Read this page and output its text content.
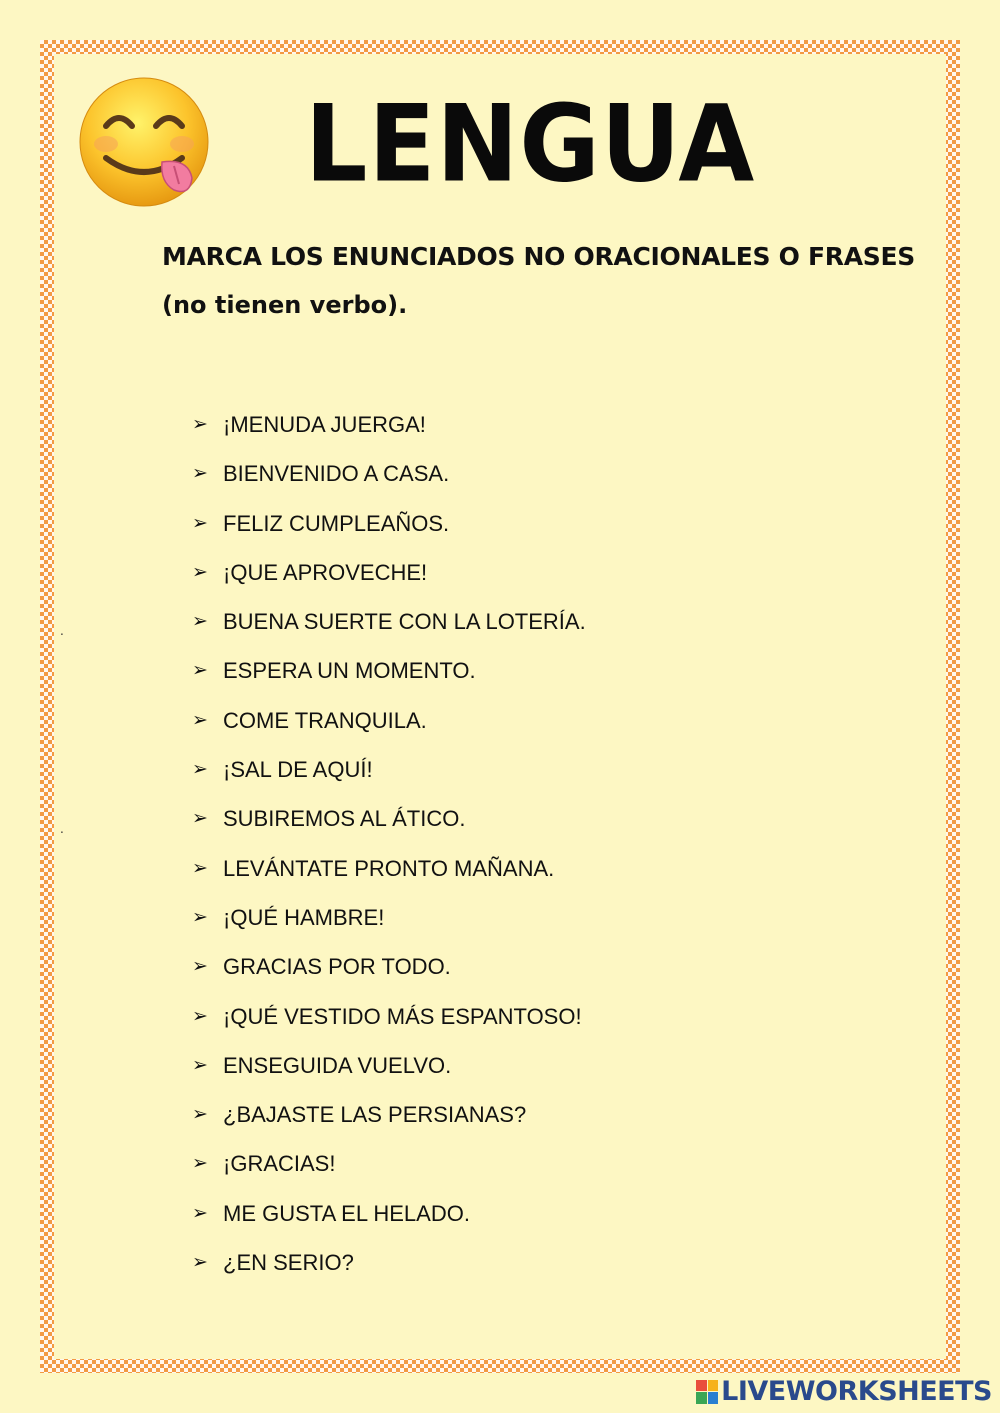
LENGUA

MARCA LOS ENUNCIADOS NO ORACIONALES O FRASES

(no tienen verbo).

.
.
➢ ¡MENUDA JUERGA!
➢ BIENVENIDO A CASA.
➢ FELIZ CUMPLEAÑOS.
➢ ¡QUE APROVECHE!
➢ BUENA SUERTE CON LA LOTERÍA.
➢ ESPERA UN MOMENTO.
➢ COME TRANQUILA.
➢ ¡SAL DE AQUÍ!
➢ SUBIREMOS AL ÁTICO.
➢ LEVÁNTATE PRONTO MAÑANA.
➢ ¡QUÉ HAMBRE!
➢ GRACIAS POR TODO.
➢ ¡QUÉ VESTIDO MÁS ESPANTOSO!
➢ ENSEGUIDA VUELVO.
➢ ¿BAJASTE LAS PERSIANAS?
➢ ¡GRACIAS!
➢ ME GUSTA EL HELADO.
➢ ¿EN SERIO?
LIVEWORKSHEETS
